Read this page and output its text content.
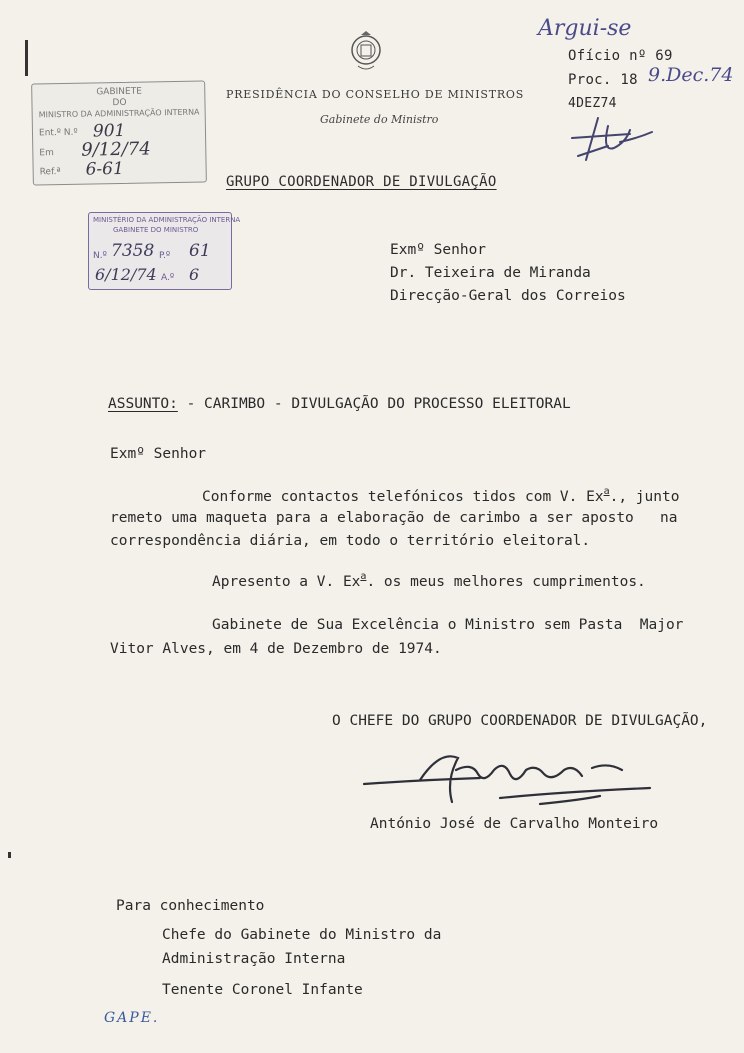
PRESIDÊNCIA DO CONSELHO DE MINISTROS
Gabinete do Ministro
GRUPO COORDENADOR DE DIVULGAÇÃO
Argui-se
Ofício nº 69
Proc. 18 9.Dec.74
4DEZ74
GABINETE
DO
MINISTRO DA ADMINISTRAÇÃO INTERNA
Ent.º N.º 901
Em 9/12/74
Ref.ª 6-61
MINISTÉRIO DA ADMINISTRAÇÃO INTERNA
GABINETE DO MINISTRO
N.º 7358 P.º 61
6/12/74 A.º 6
Exmº Senhor
Dr. Teixeira de Miranda
Direcção-Geral dos Correios
ASSUNTO: - CARIMBO - DIVULGAÇÃO DO PROCESSO ELEITORAL
Exmº Senhor
Conforme contactos telefónicos tidos com V. Ex$^a$., junto
remeto uma maqueta para a elaboração de carimbo a ser aposto   na
correspondência diária, em todo o território eleitoral.
Apresento a V. Ex$^a$. os meus melhores cumprimentos.
Gabinete de Sua Excelência o Ministro sem Pasta  Major
Vitor Alves, em 4 de Dezembro de 1974.
O CHEFE DO GRUPO COORDENADOR DE DIVULGAÇÃO,
António José de Carvalho Monteiro
Para conhecimento
Chefe do Gabinete do Ministro da
Administração Interna
Tenente Coronel Infante
GAPE.
